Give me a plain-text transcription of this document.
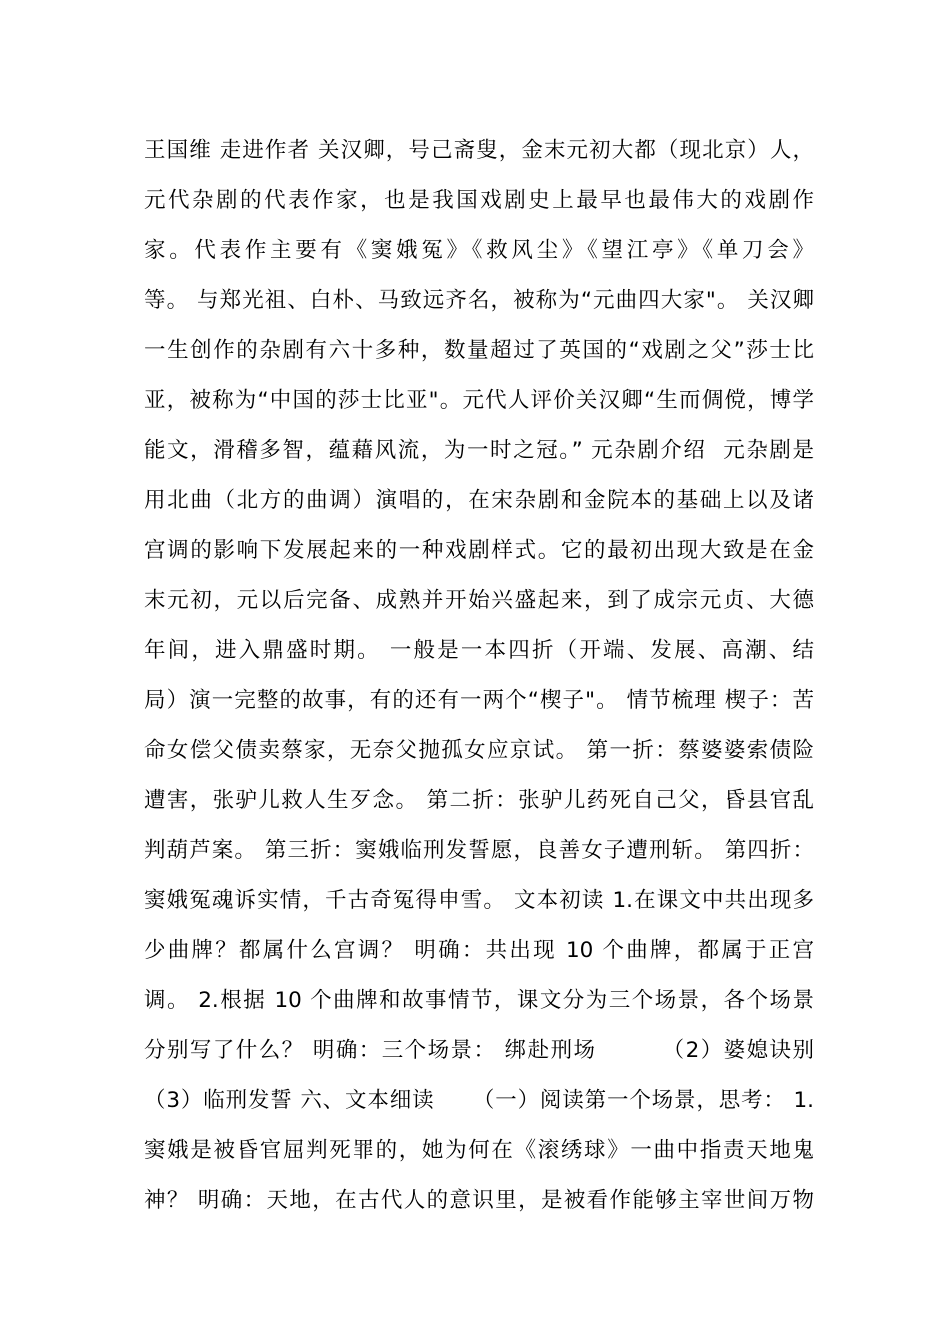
王国维 走进作者 关汉卿，号己斋叟，金末元初大都（现北京）人，
元代杂剧的代表作家，也是我国戏剧史上最早也最伟大的戏剧作
家。代表作主要有《窦娥冤》《救风尘》《望江亭》《单刀会》
等。 与郑光祖、白朴、马致远齐名，被称为“元曲四大家"。 关汉卿
一生创作的杂剧有六十多种，数量超过了英国的“戏剧之父”莎士比
亚，被称为“中国的莎士比亚"。元代人评价关汉卿“生而倜傥，博学
能文，滑稽多智，蕴藉风流，为一时之冠。” 元杂剧介绍  元杂剧是
用北曲（北方的曲调）演唱的，在宋杂剧和金院本的基础上以及诸
宫调的影响下发展起来的一种戏剧样式。它的最初出现大致是在金
末元初，元以后完备、成熟并开始兴盛起来，到了成宗元贞、大德
年间，进入鼎盛时期。 一般是一本四折（开端、发展、高潮、结
局）演一完整的故事，有的还有一两个“楔子"。 情节梳理 楔子：苦
命女偿父债卖蔡家，无奈父抛孤女应京试。 第一折：蔡婆婆索债险
遭害，张驴儿救人生歹念。 第二折：张驴儿药死自己父，昏县官乱
判葫芦案。 第三折：窦娥临刑发誓愿，良善女子遭刑斩。 第四折：
窦娥冤魂诉实情，千古奇冤得申雪。 文本初读 1.在课文中共出现多
少曲牌？都属什么宫调？ 明确：共出现 10 个曲牌，都属于正宫
调。 2.根据 10 个曲牌和故事情节，课文分为三个场景，各个场景
分别写了什么？ 明确：三个场景： 绑赴刑场        （2）婆媳诀别
（3）临刑发誓 六、文本细读     （一）阅读第一个场景，思考： 1.
窦娥是被昏官屈判死罪的，她为何在《滚绣球》一曲中指责天地鬼
神？ 明确：天地，在古代人的意识里，是被看作能够主宰世间万物
